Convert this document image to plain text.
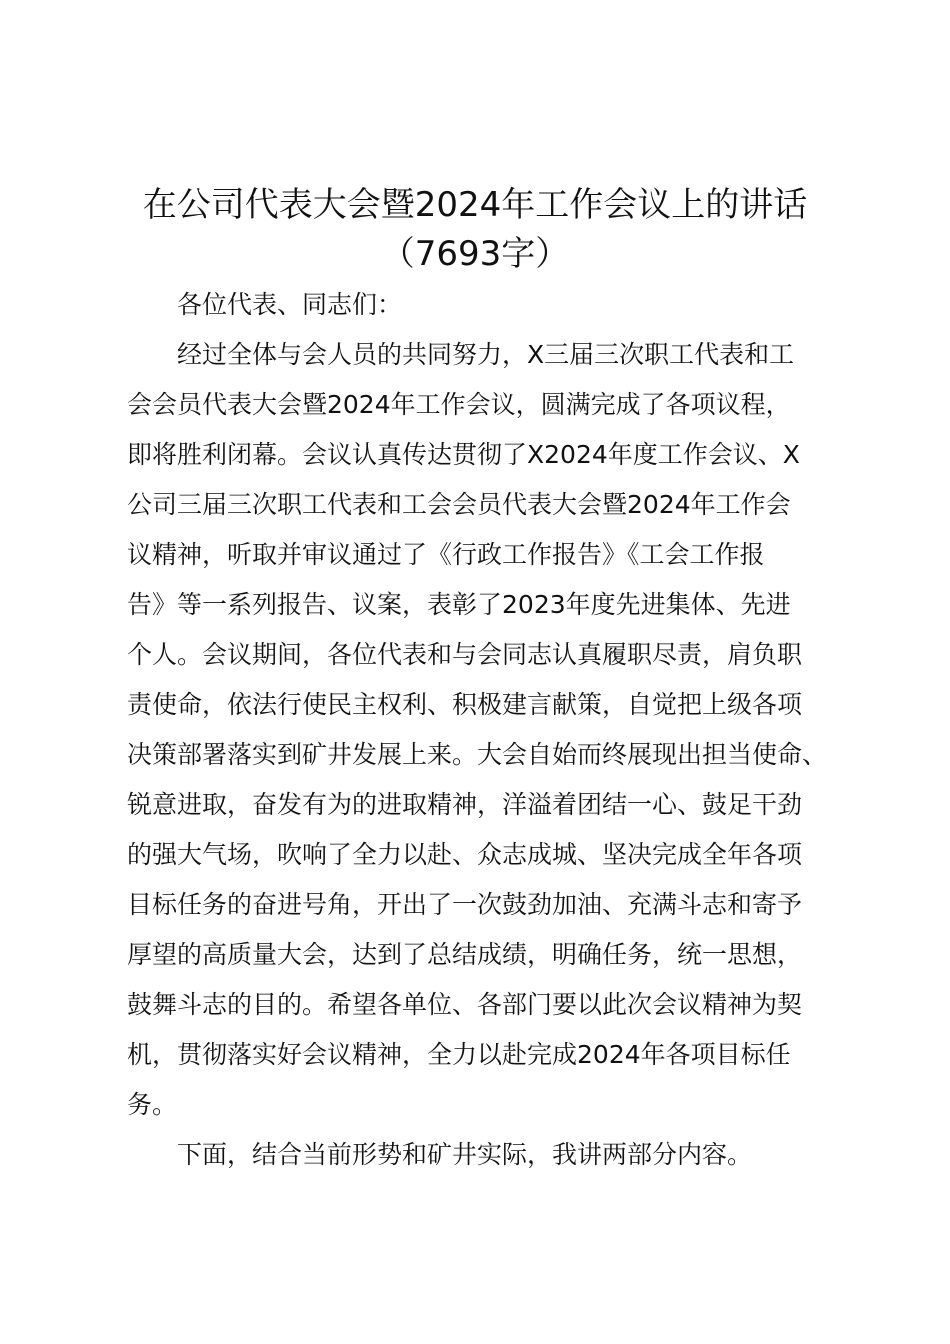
在公司代表大会暨2024年工作会议上的讲话
（7693字）

各位代表、同志们：

经过全体与会人员的共同努力，X三届三次职工代表和工
会会员代表大会暨2024年工作会议，圆满完成了各项议程，
即将胜利闭幕。会议认真传达贯彻了X2024年度工作会议、X
公司三届三次职工代表和工会会员代表大会暨2024年工作会
议精神，听取并审议通过了《行政工作报告》《工会工作报
告》等一系列报告、议案，表彰了2023年度先进集体、先进
个人。会议期间，各位代表和与会同志认真履职尽责，肩负职
责使命，依法行使民主权利、积极建言献策，自觉把上级各项
决策部署落实到矿井发展上来。大会自始而终展现出担当使命、
锐意进取，奋发有为的进取精神，洋溢着团结一心、鼓足干劲
的强大气场，吹响了全力以赴、众志成城、坚决完成全年各项
目标任务的奋进号角，开出了一次鼓劲加油、充满斗志和寄予
厚望的高质量大会，达到了总结成绩，明确任务，统一思想，
鼓舞斗志的目的。希望各单位、各部门要以此次会议精神为契
机，贯彻落实好会议精神，全力以赴完成2024年各项目标任
务。

下面，结合当前形势和矿井实际，我讲两部分内容。
